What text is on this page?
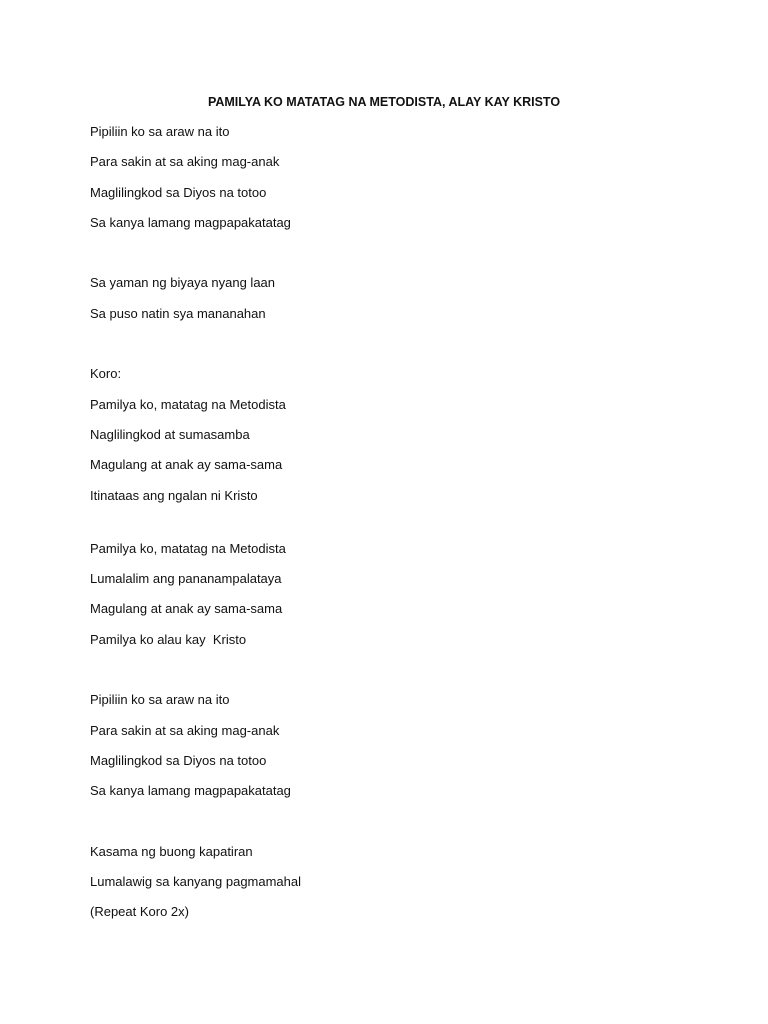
PAMILYA KO MATATAG NA METODISTA, ALAY KAY KRISTO
Pipiliin ko sa araw na ito
Para sakin at sa aking mag-anak
Maglilingkod sa Diyos na totoo
Sa kanya lamang magpapakatatag
Sa yaman ng biyaya nyang laan
Sa puso natin sya mananahan
Koro:
Pamilya ko, matatag na Metodista
Naglilingkod at sumasamba
Magulang at anak ay sama-sama
Itinataas ang ngalan ni Kristo
Pamilya ko, matatag na Metodista
Lumalalim ang pananampalataya
Magulang at anak ay sama-sama
Pamilya ko alau kay  Kristo
Pipiliin ko sa araw na ito
Para sakin at sa aking mag-anak
Maglilingkod sa Diyos na totoo
Sa kanya lamang magpapakatatag
Kasama ng buong kapatiran
Lumalawig sa kanyang pagmamahal
(Repeat Koro 2x)
